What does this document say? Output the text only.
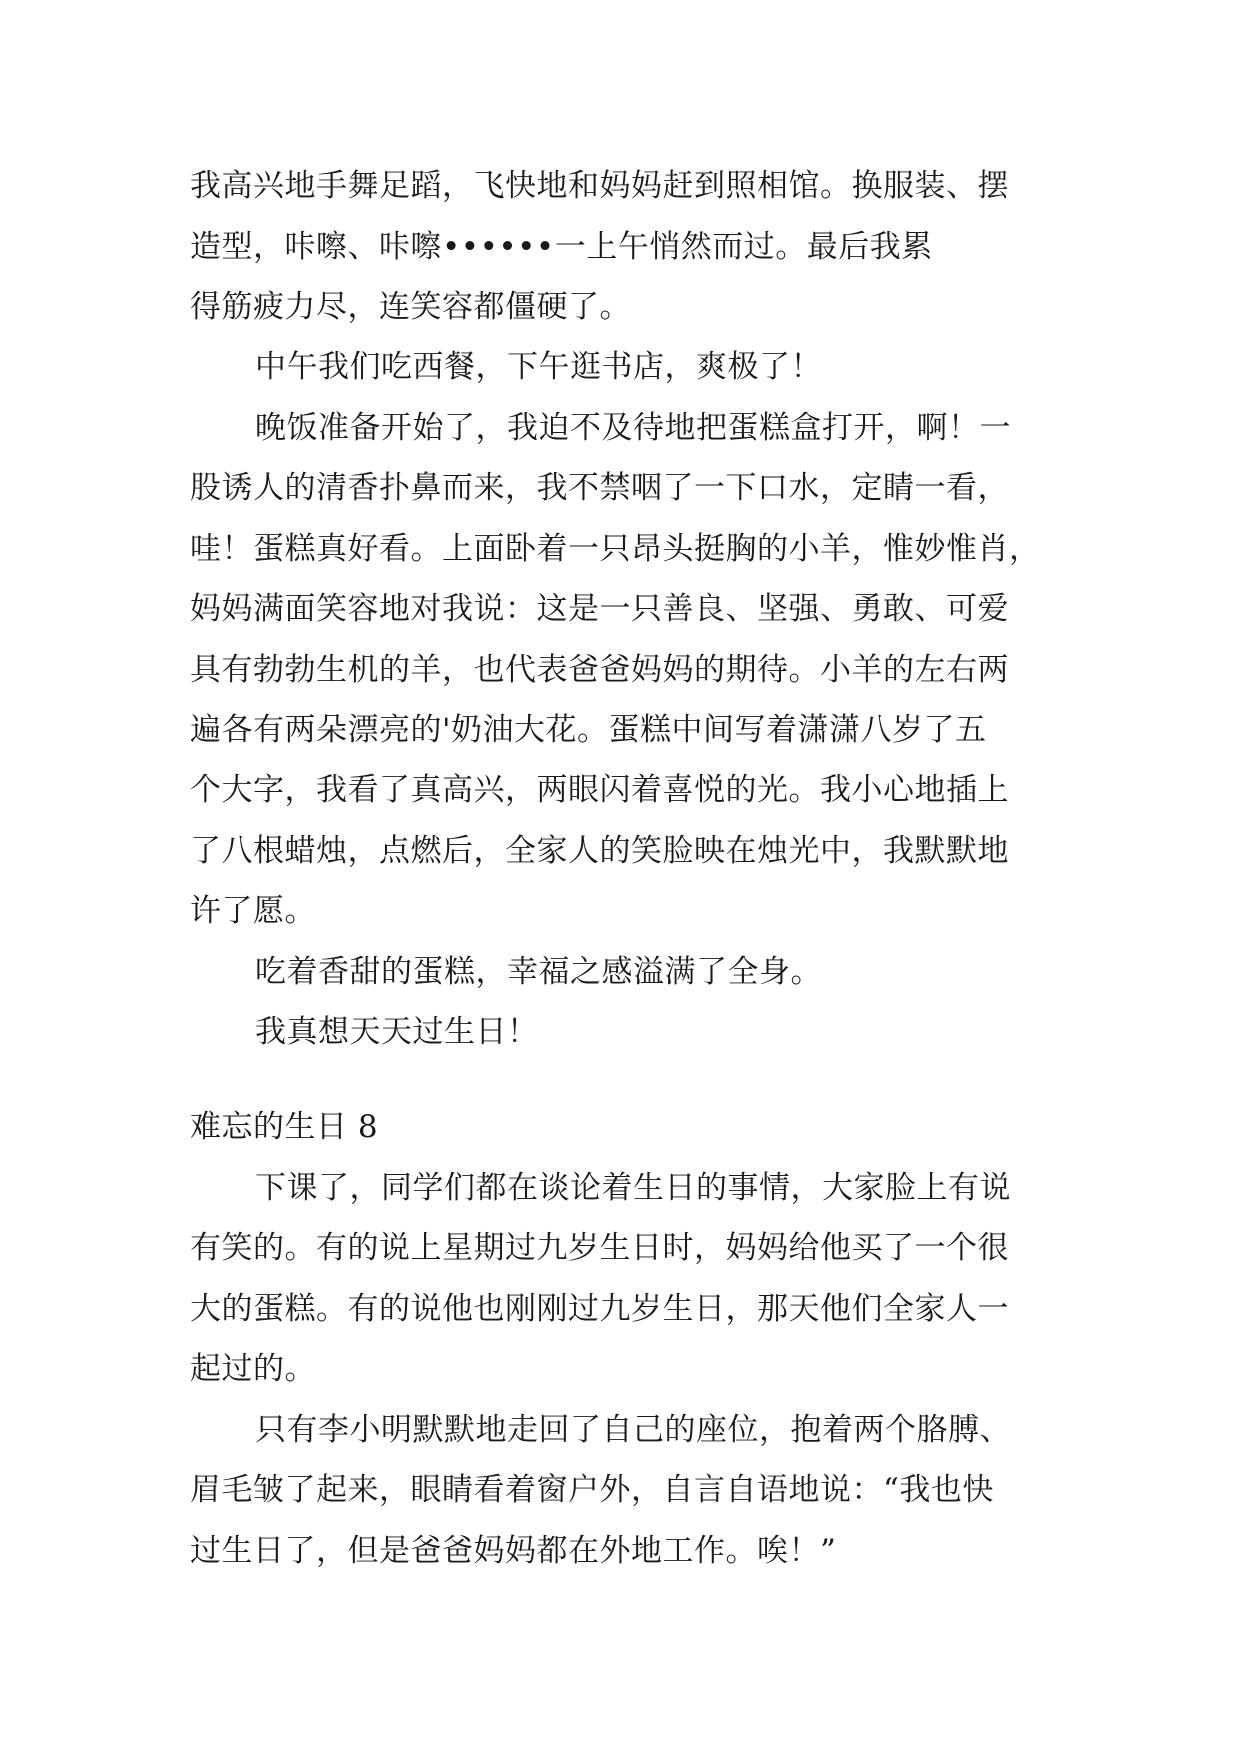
我高兴地手舞足蹈，飞快地和妈妈赶到照相馆。换服装、摆
造型，咔嚓、咔嚓••••••一上午悄然而过。最后我累
得筋疲力尽，连笑容都僵硬了。
中午我们吃西餐，下午逛书店，爽极了！
晚饭准备开始了，我迫不及待地把蛋糕盒打开，啊！一
股诱人的清香扑鼻而来，我不禁咽了一下口水，定睛一看，
哇！蛋糕真好看。上面卧着一只昂头挺胸的小羊，惟妙惟肖，
妈妈满面笑容地对我说：这是一只善良、坚强、勇敢、可爱
具有勃勃生机的羊，也代表爸爸妈妈的期待。小羊的左右两
遍各有两朵漂亮的'奶油大花。蛋糕中间写着潇潇八岁了五
个大字，我看了真高兴，两眼闪着喜悦的光。我小心地插上
了八根蜡烛，点燃后，全家人的笑脸映在烛光中，我默默地
许了愿。
吃着香甜的蛋糕，幸福之感溢满了全身。
我真想天天过生日！
难忘的生日 8
下课了，同学们都在谈论着生日的事情，大家脸上有说
有笑的。有的说上星期过九岁生日时，妈妈给他买了一个很
大的蛋糕。有的说他也刚刚过九岁生日，那天他们全家人一
起过的。
只有李小明默默地走回了自己的座位，抱着两个胳膊、
眉毛皱了起来，眼睛看着窗户外，自言自语地说：“我也快
过生日了，但是爸爸妈妈都在外地工作。唉！”
